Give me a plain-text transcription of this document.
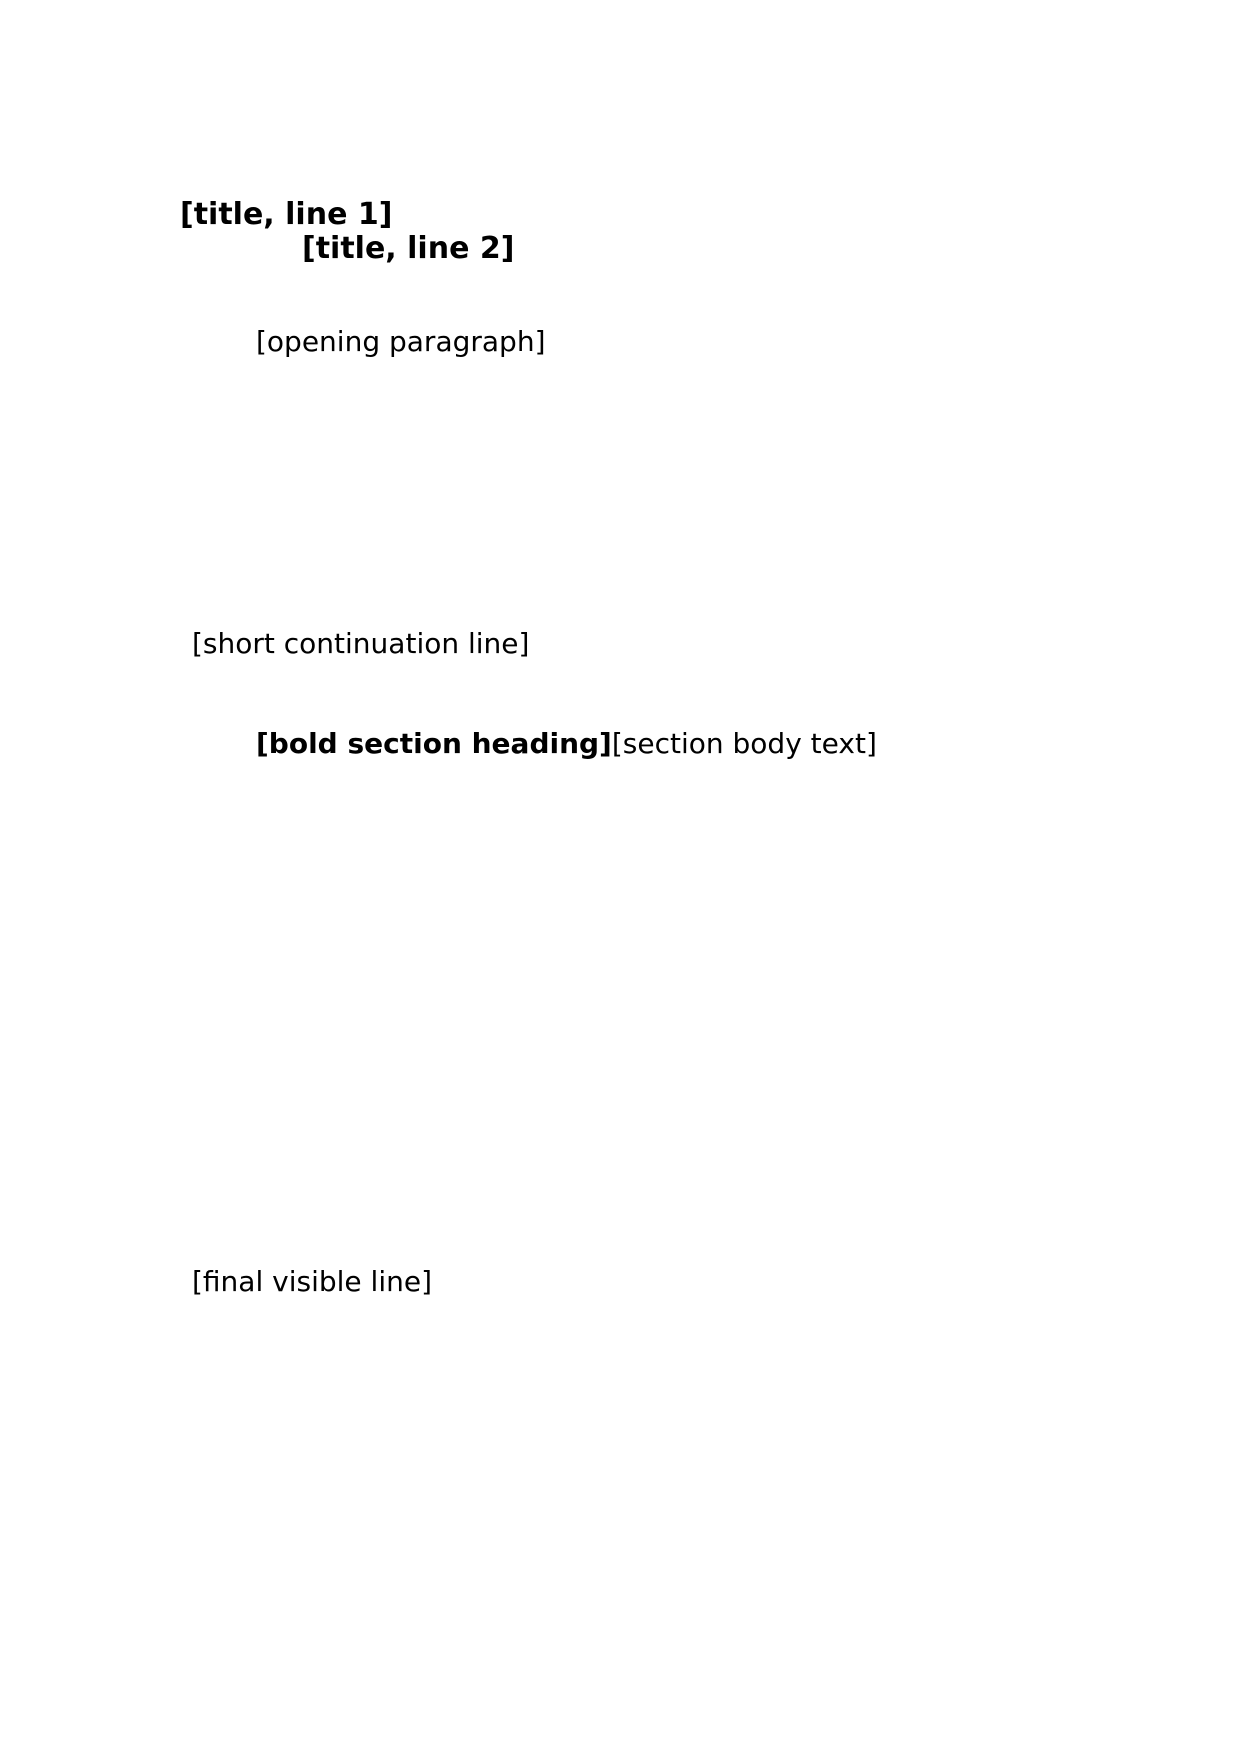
[title, line 1]
[title, line 2]

[opening paragraph]

[short continuation line]

[bold section heading][section body text]

[final visible line]
